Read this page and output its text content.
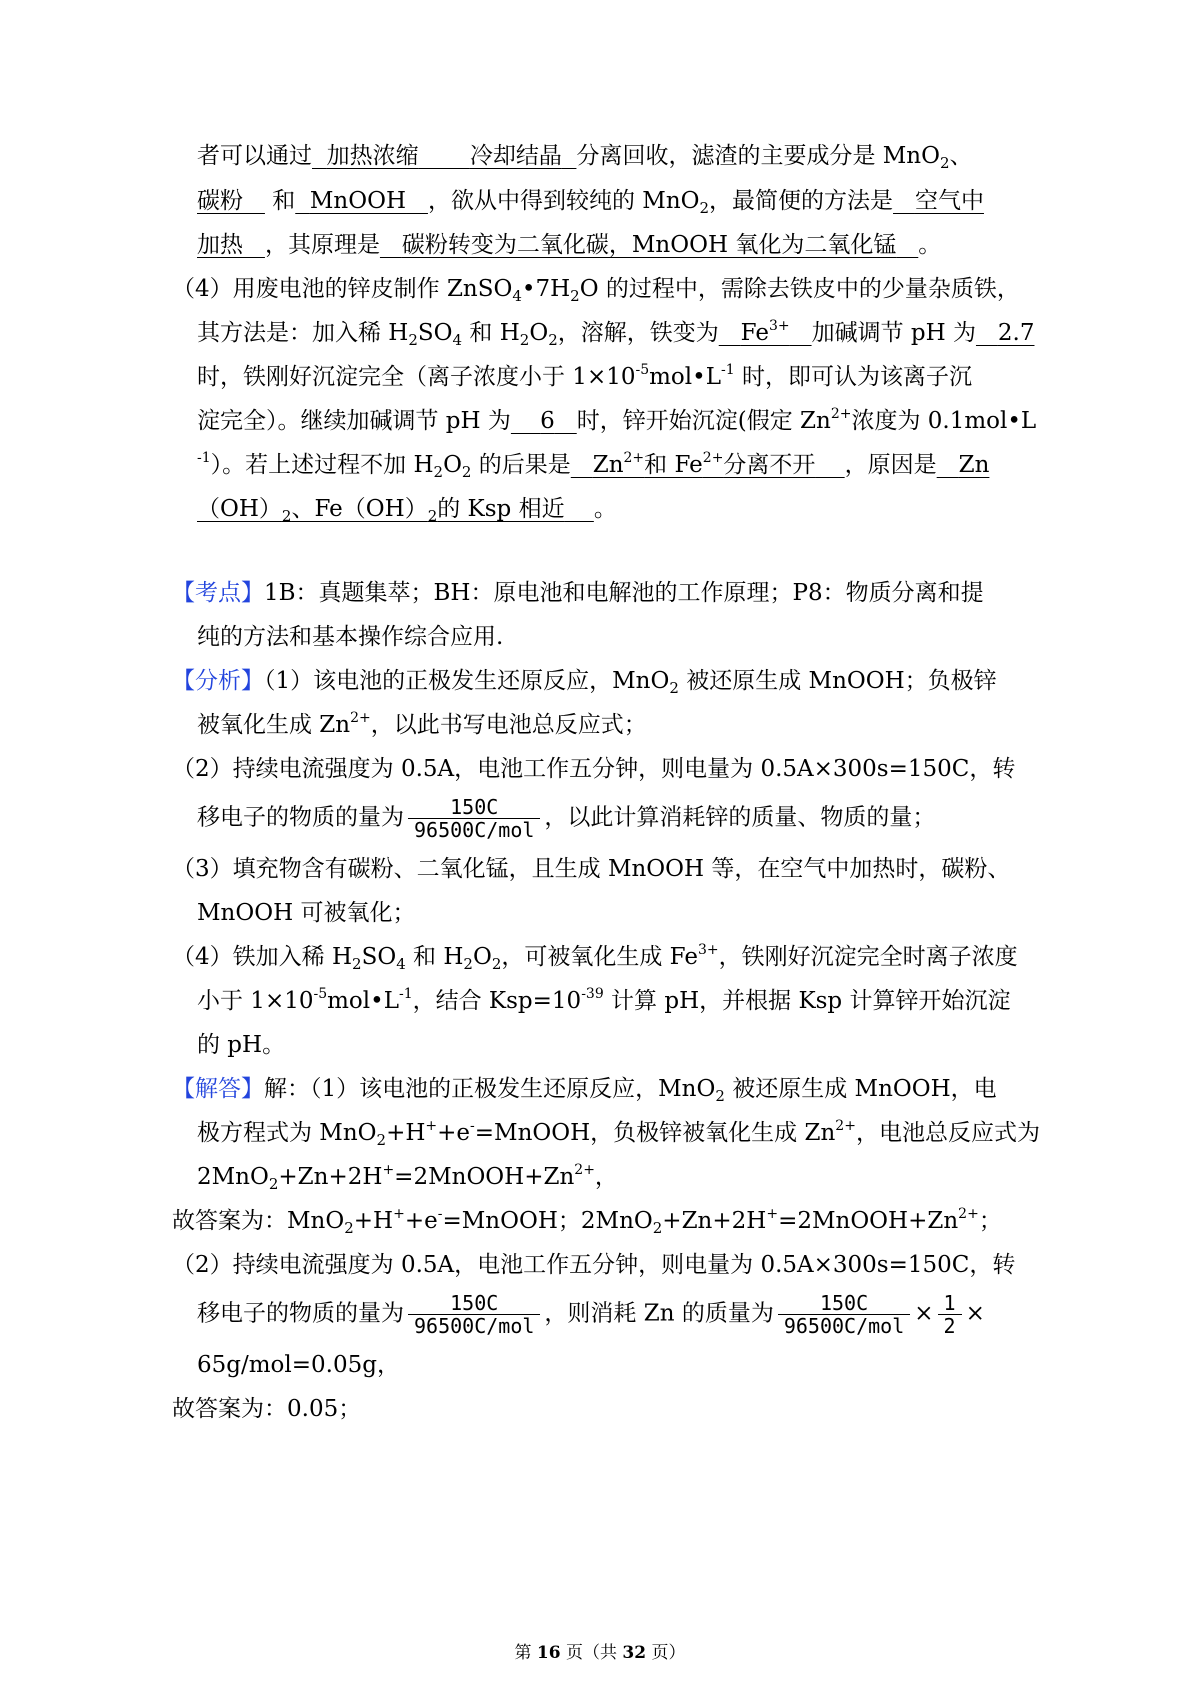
者可以通过 加热浓缩 冷却结晶 分离回收，滤渣的主要成分是 MnO$_2$、
碳粉 和 MnOOH ，欲从中得到较纯的 MnO$_2$，最简便的方法是 空气中
加热 ，其原理是 碳粉转变为二氧化碳，MnOOH 氧化为二氧化锰 。
（4）用废电池的锌皮制作 $ZnSO_4•7H_2O$ 的过程中，需除去铁皮中的少量杂质铁，
其方法是：加入稀 $H_2SO_4$ 和 $H_2O_2$，溶解，铁变为 $Fe^{3+}$ 加碱调节 pH 为 2.7
时，铁刚好沉淀完全（离子浓度小于 $1\times 10^{-5}mol•L^{-1}$ 时，即可认为该离子沉
淀完全）。继续加碱调节 pH 为 6 时，锌开始沉淀(假定 $Zn^{2+}$浓度为 0.1mol•L
$^{-1}$）。若上述过程不加 $H_2O_2$ 的后果是 $Zn^{2+}$和 $Fe^{2+}$分离不开 ，原因是 Zn
$(OH)_2$、$Fe(OH)_2$的 Ksp 相近 。
【考点】1B：真题集萃；BH：原电池和电解池的工作原理；P8：物质分离和提
纯的方法和基本操作综合应用.
【分析】（1）该电池的正极发生还原反应，MnO$_2$ 被还原生成 MnOOH；负极锌
被氧化生成 $Zn^{2+}$，以此书写电池总反应式；
（2）持续电流强度为 0.5A，电池工作五分钟，则电量为 0.5A×300s=150C，转
移电子的物质的量为 $\frac{150C}{\text{96500C/mol}}$ ，以此计算消耗锌的质量、物质的量；
（3）填充物含有碳粉、二氧化锰，且生成 MnOOH 等，在空气中加热时，碳粉、
MnOOH 可被氧化；
（4）铁加入稀 $H_2SO_4$ 和 $H_2O_2$，可被氧化生成 $Fe^{3+}$，铁刚好沉淀完全时离子浓度
小于 $1\times 10^{-5}mol•L^{-1}$，结合 $Ksp=10^{-39}$ 计算 pH，并根据 Ksp 计算锌开始沉淀
的 pH。
【解答】解：（1）该电池的正极发生还原反应，MnO$_2$ 被还原生成 MnOOH，电
极方程式为 MnO$_2$+H++e-=MnOOH，负极锌被氧化生成 $Zn^{2+}$，电池总反应式为
$2MnO_2+Zn+2H^+=2MnOOH+Zn^{2+}$，
故答案为：MnO$_2$+H++e-=MnOOH；$2MnO_2+Zn+2H^+=2MnOOH+Zn^{2+}$；
（2）持续电流强度为 0.5A，电池工作五分钟，则电量为 0.5A×300s=150C，转
移电子的物质的量为 $\frac{150C}{\text{96500C/mol}}$ ，则消耗 Zn 的质量为 $\frac{150C}{\text{96500C/mol}} \times \frac{1}{2}$ ×
65g/mol=0.05g，
故答案为：0.05；
第 16 页（共 32 页）
